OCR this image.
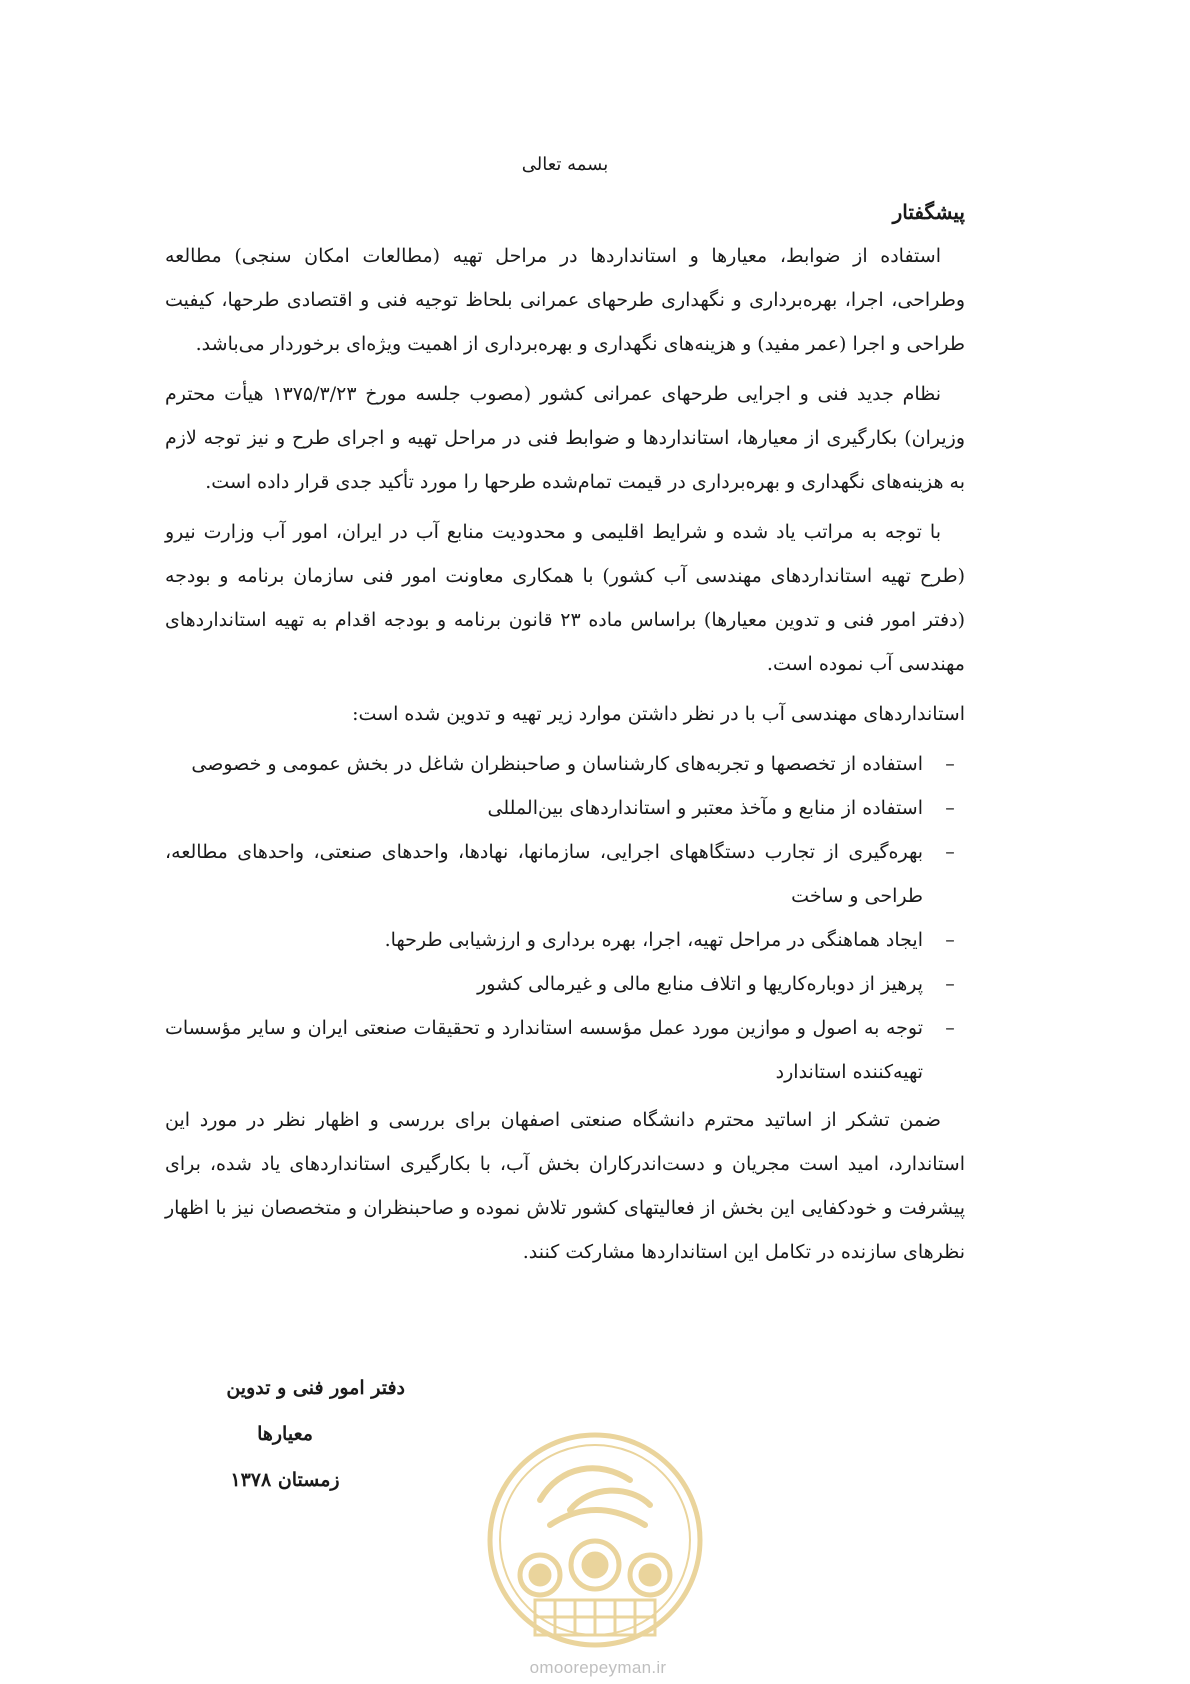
بسمه تعالی

پیشگفتار

استفاده از ضوابط، معیارها و استانداردها در مراحل تهیه (مطالعات امکان سنجی) مطالعه وطراحی، اجرا، بهره‌برداری و نگهداری طرحهای عمرانی بلحاظ توجیه فنی و اقتصادی طرحها، کیفیت طراحی و اجرا (عمر مفید) و هزینه‌های نگهداری و بهره‌برداری از اهمیت ویژه‌ای برخوردار می‌باشد.

نظام جدید فنی و اجرایی طرحهای عمرانی کشور (مصوب جلسه مورخ ۱۳۷۵/۳/۲۳ هیأت محترم وزیران) بکارگیری از معیارها، استانداردها و ضوابط فنی در مراحل تهیه و اجرای طرح و نیز توجه لازم به هزینه‌های نگهداری و بهره‌برداری در قیمت تمام‌شده طرحها را مورد تأکید جدی قرار داده است.

با توجه به مراتب یاد شده و شرایط اقلیمی و محدودیت منابع آب در ایران، امور آب وزارت نیرو (طرح تهیه استانداردهای مهندسی آب کشور) با همکاری معاونت امور فنی سازمان برنامه و بودجه (دفتر امور فنی و تدوین معیارها) براساس ماده ۲۳ قانون برنامه و بودجه اقدام به تهیه استانداردهای مهندسی آب نموده است.

استانداردهای مهندسی آب با در نظر داشتن موارد زیر تهیه و تدوین شده است:

–
استفاده از تخصصها و تجربه‌های کارشناسان و صاحبنظران شاغل در بخش عمومی و خصوصی
–
استفاده از منابع و مآخذ معتبر و استانداردهای بین‌المللی
–
بهره‌گیری از تجارب دستگاههای اجرایی، سازمانها، نهادها، واحدهای صنعتی، واحدهای مطالعه، طراحی و ساخت
–
ایجاد هماهنگی در مراحل تهیه، اجرا، بهره برداری و ارزشیابی طرحها.
–
پرهیز از دوباره‌کاریها و اتلاف منابع مالی و غیرمالی کشور
–
توجه به اصول و موازین مورد عمل مؤسسه استاندارد و تحقیقات صنعتی ایران و سایر مؤسسات تهیه‌کننده استاندارد

ضمن تشکر از اساتید محترم دانشگاه صنعتی اصفهان برای بررسی و اظهار نظر در مورد این استاندارد، امید است مجریان و دست‌اندرکاران بخش آب، با بکارگیری استانداردهای یاد شده، برای پیشرفت و خودکفایی این بخش از فعالیتهای کشور تلاش نموده و صاحبنظران و متخصصان نیز با اظهار نظرهای سازنده در تکامل این استانداردها مشارکت کنند.

دفتر امور فنی و تدوین
معیارها
زمستان ۱۳۷۸
omoorepeyman.ir
